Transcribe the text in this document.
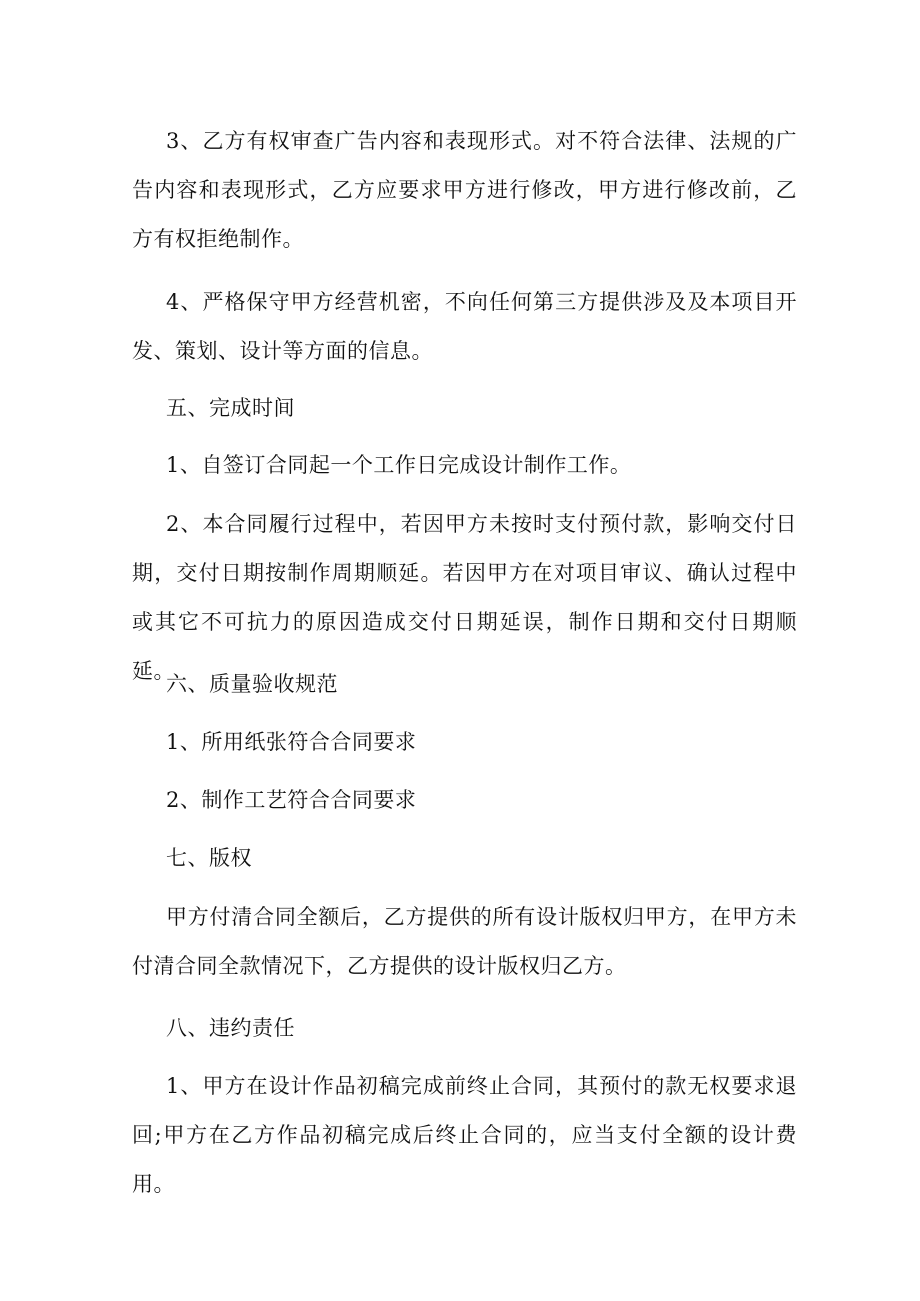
3、乙方有权审查广告内容和表现形式。对不符合法律、法规的广告内容和表现形式，乙方应要求甲方进行修改，甲方进行修改前，乙方有权拒绝制作。

4、严格保守甲方经营机密，不向任何第三方提供涉及及本项目开发、策划、设计等方面的信息。

五、完成时间

1、自签订合同起一个工作日完成设计制作工作。

2、本合同履行过程中，若因甲方未按时支付预付款，影响交付日期，交付日期按制作周期顺延。若因甲方在对项目审议、确认过程中或其它不可抗力的原因造成交付日期延误，制作日期和交付日期顺延。

六、质量验收规范

1、所用纸张符合合同要求

2、制作工艺符合合同要求

七、版权

甲方付清合同全额后，乙方提供的所有设计版权归甲方，在甲方未付清合同全款情况下，乙方提供的设计版权归乙方。

八、违约责任

1、甲方在设计作品初稿完成前终止合同，其预付的款无权要求退回;甲方在乙方作品初稿完成后终止合同的，应当支付全额的设计费用。
